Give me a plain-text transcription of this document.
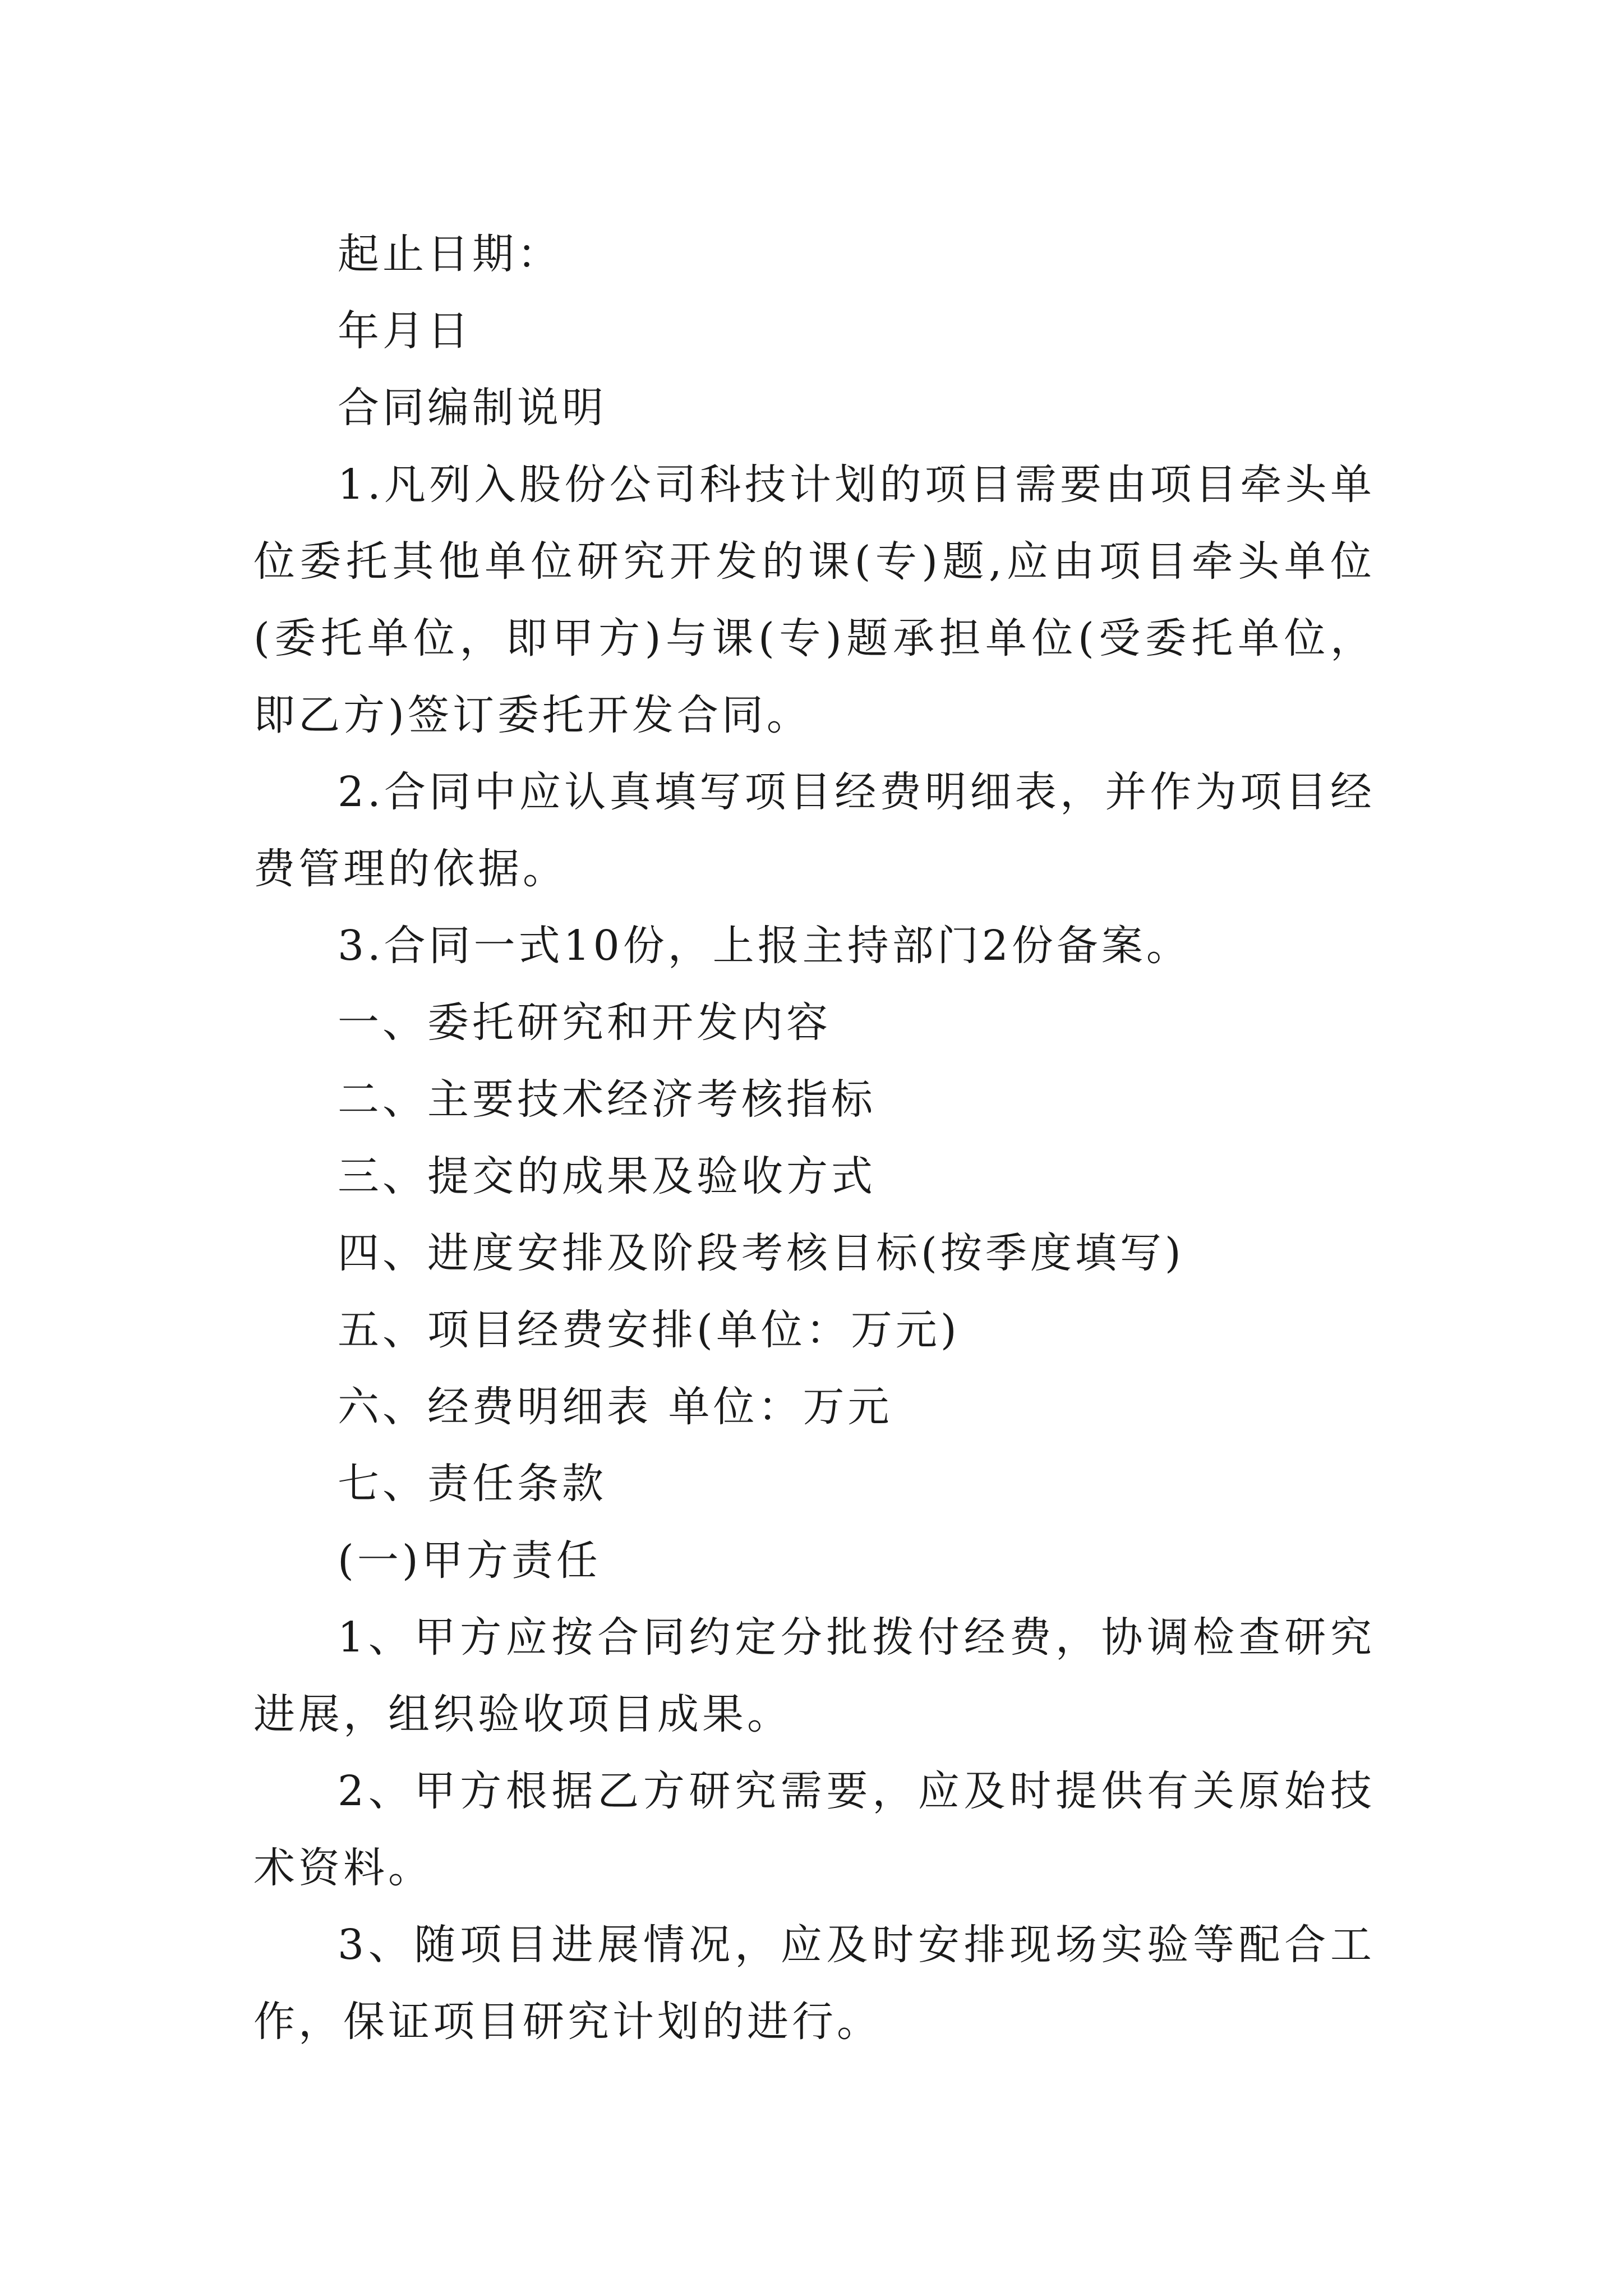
起止日期：

年月日

合同编制说明

1.凡列入股份公司科技计划的项目需要由项目牵头单位委托其他单位研究开发的课(专)题,应由项目牵头单位(委托单位，即甲方)与课(专)题承担单位(受委托单位，即乙方)签订委托开发合同。

2.合同中应认真填写项目经费明细表，并作为项目经费管理的依据。

3.合同一式10份，上报主持部门2份备案。

一、委托研究和开发内容

二、主要技术经济考核指标

三、提交的成果及验收方式

四、进度安排及阶段考核目标(按季度填写)

五、项目经费安排(单位：万元)

六、经费明细表 单位：万元

七、责任条款

(一)甲方责任

1、甲方应按合同约定分批拨付经费，协调检查研究进展，组织验收项目成果。

2、甲方根据乙方研究需要，应及时提供有关原始技术资料。

3、随项目进展情况，应及时安排现场实验等配合工作，保证项目研究计划的进行。
